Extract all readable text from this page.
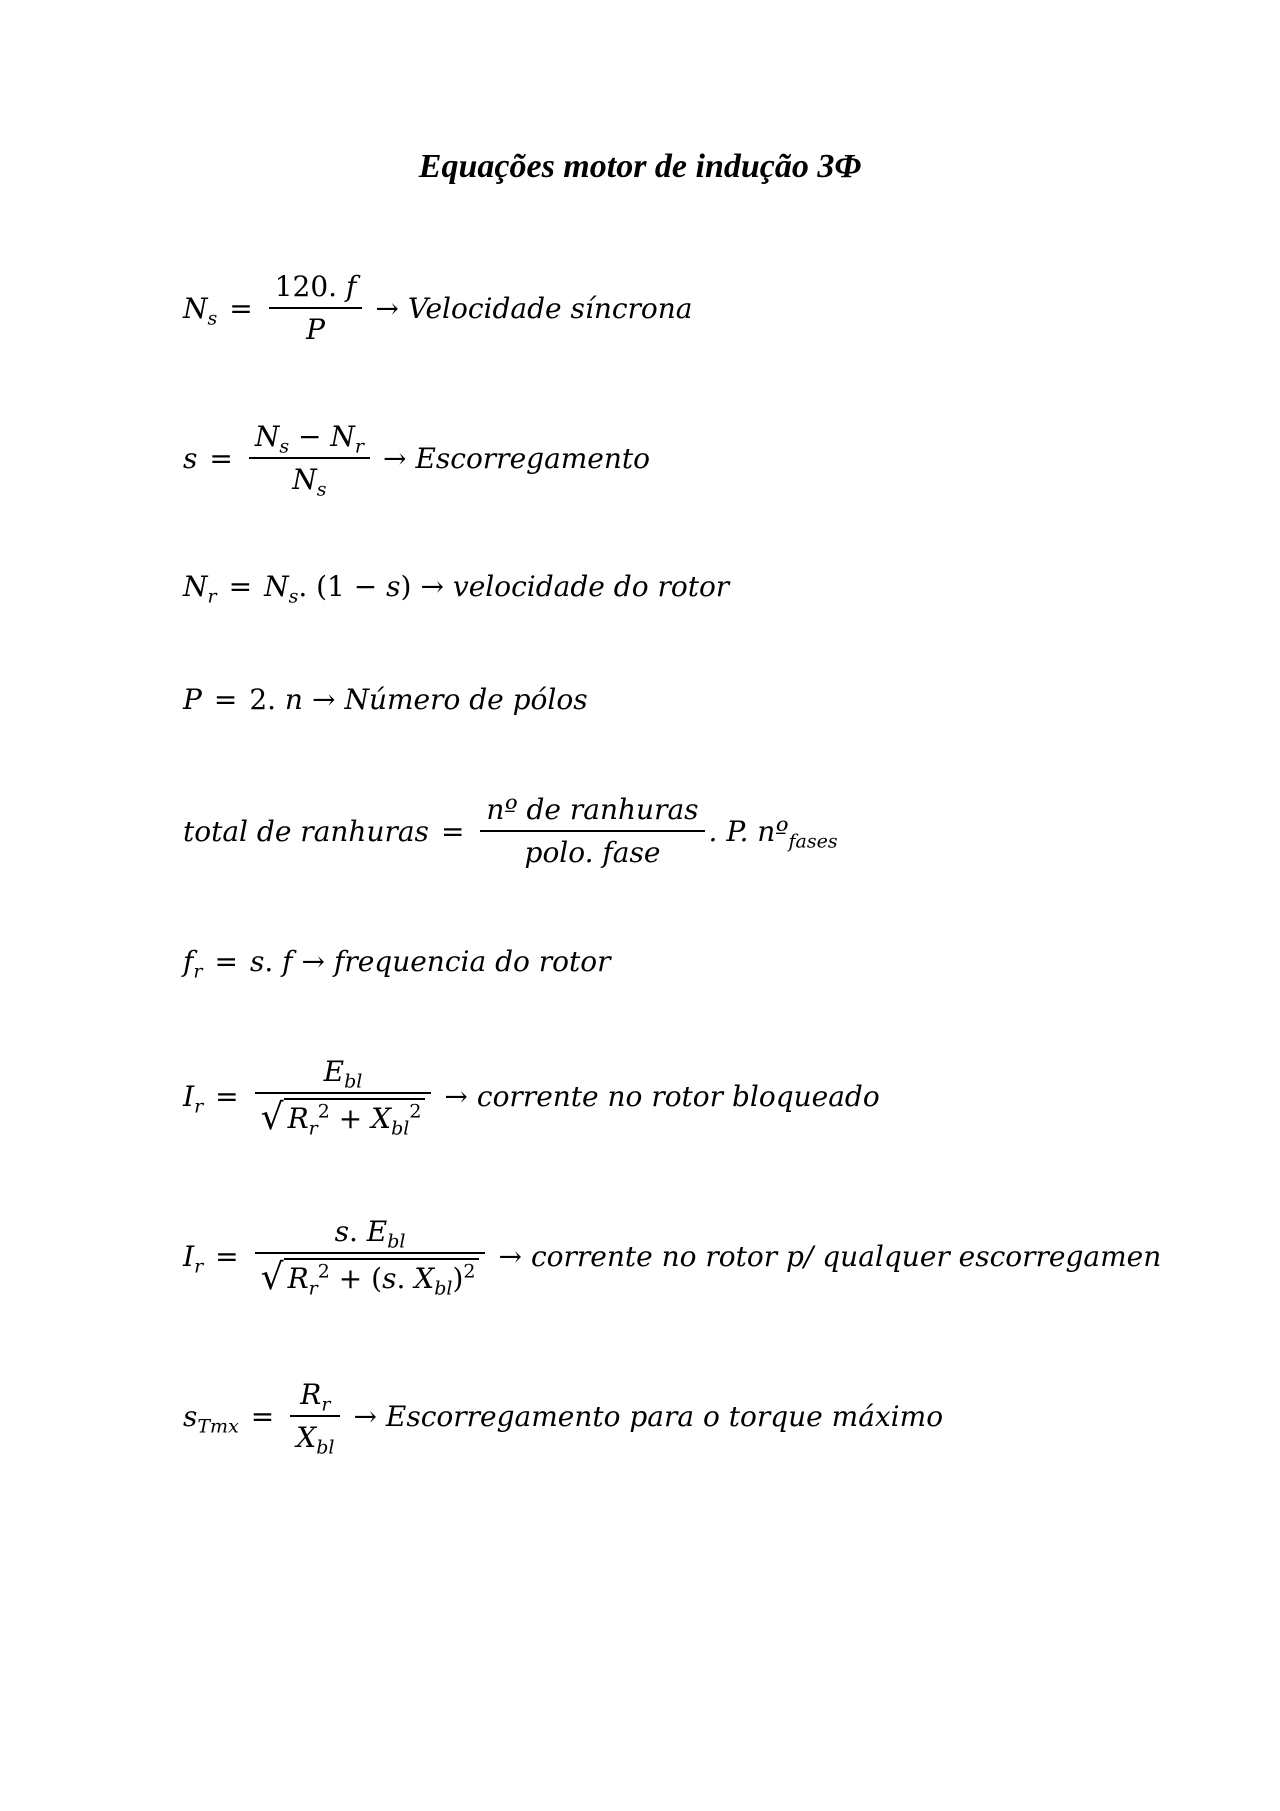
Equações motor de indução 3Φ
$N_s = \frac{120. f}{P}$ → Velocidade síncrona
$s = \frac{N_s - N_r}{N_s}$ → Escorregamento
$N_r = N_s$. (1 − s) → velocidade do rotor
P = 2. n → Número de pólos
total de ranhuras = $\frac{\text{nº de ranhuras}}{\text{polo. fase}}$ . P. nº$_{fases}$
$f_r = s$. f → frequencia do rotor
$I_r = \frac{E_{bl}}{√ R_r^2 + X_{bl}^2}$ → corrente no rotor bloqueado
$I_r = \frac{s. E_{bl}}{√ R_r^2 + (s. X_{bl})^2}$ → corrente no rotor p/ qualquer escorregamen
$s_{Tmx} = \frac{R_r}{X_{bl}}$ → Escorregamento para o torque máximo
